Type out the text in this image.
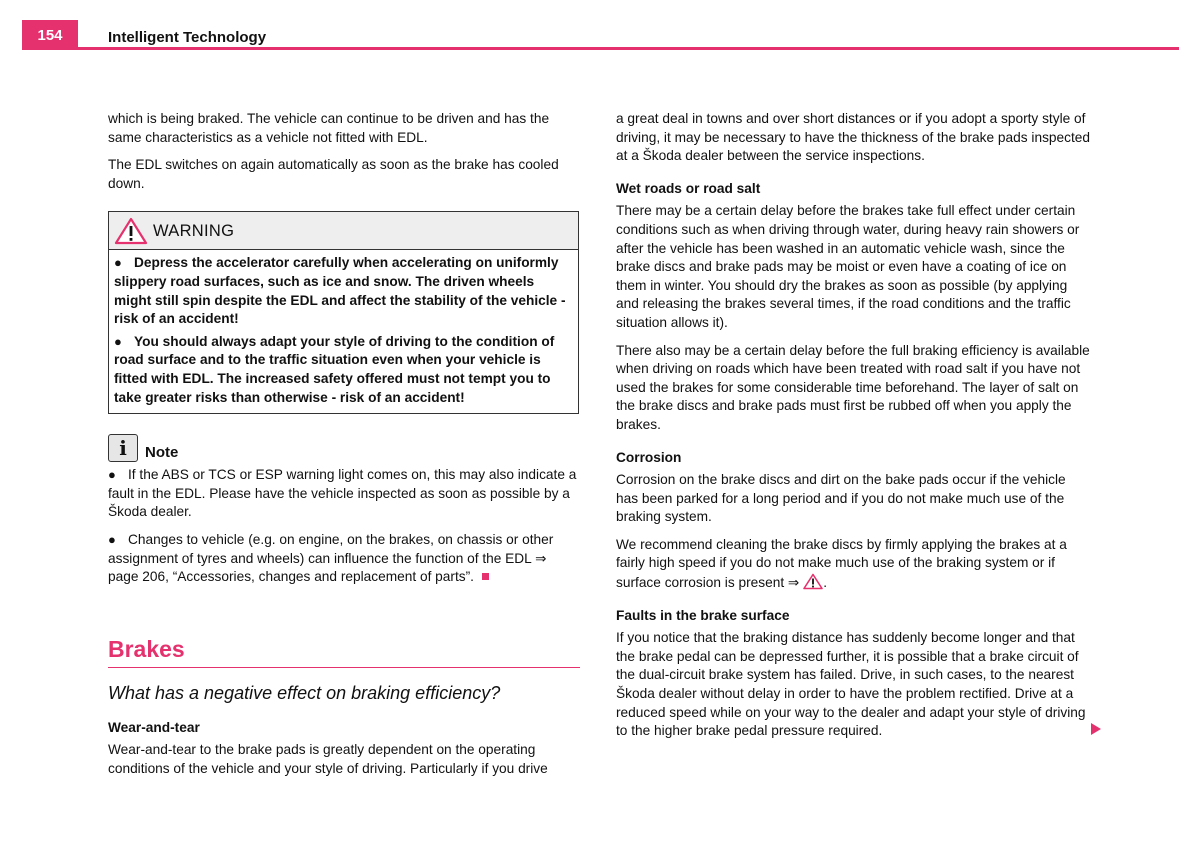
154	Intelligent Technology

which is being braked. The vehicle can continue to be driven and has the same characteristics as a vehicle not fitted with EDL.

The EDL switches on again automatically as soon as the brake has cooled down.

WARNING

● Depress the accelerator carefully when accelerating on uniformly slippery road surfaces, such as ice and snow. The driven wheels might still spin despite the EDL and affect the stability of the vehicle - risk of an accident!

● You should always adapt your style of driving to the condition of road surface and to the traffic situation even when your vehicle is fitted with EDL. The increased safety offered must not tempt you to take greater risks than otherwise - risk of an accident!

i	Note

● If the ABS or TCS or ESP warning light comes on, this may also indicate a fault in the EDL. Please have the vehicle inspected as soon as possible by a Škoda dealer.

● Changes to vehicle (e.g. on engine, on the brakes, on chassis or other assignment of tyres and wheels) can influence the function of the EDL ⇒ page 206, “Accessories, changes and replacement of parts”.

Brakes
What has a negative effect on braking efficiency?
Wear-and-tear

Wear-and-tear to the brake pads is greatly dependent on the operating conditions of the vehicle and your style of driving. Particularly if you drive

a great deal in towns and over short distances or if you adopt a sporty style of driving, it may be necessary to have the thickness of the brake pads inspected at a Škoda dealer between the service inspections.

Wet roads or road salt

There may be a certain delay before the brakes take full effect under certain conditions such as when driving through water, during heavy rain showers or after the vehicle has been washed in an automatic vehicle wash, since the brake discs and brake pads may be moist or even have a coating of ice on them in winter. You should dry the brakes as soon as possible (by applying and releasing the brakes several times, if the road conditions and the traffic situation allows it).

There also may be a certain delay before the full braking efficiency is available when driving on roads which have been treated with road salt if you have not used the brakes for some considerable time beforehand. The layer of salt on the brake discs and brake pads must first be rubbed off when you apply the brakes.

Corrosion

Corrosion on the brake discs and dirt on the bake pads occur if the vehicle has been parked for a long period and if you do not make much use of the braking system.

We recommend cleaning the brake discs by firmly applying the brakes at a fairly high speed if you do not make much use of the braking system or if surface corrosion is present ⇒ .

Faults in the brake surface

If you notice that the braking distance has suddenly become longer and that the brake pedal can be depressed further, it is possible that a brake circuit of the dual-circuit brake system has failed. Drive, in such cases, to the nearest Škoda dealer without delay in order to have the problem rectified. Drive at a reduced speed while on your way to the dealer and adapt your style of driving to the higher brake pedal pressure required.
